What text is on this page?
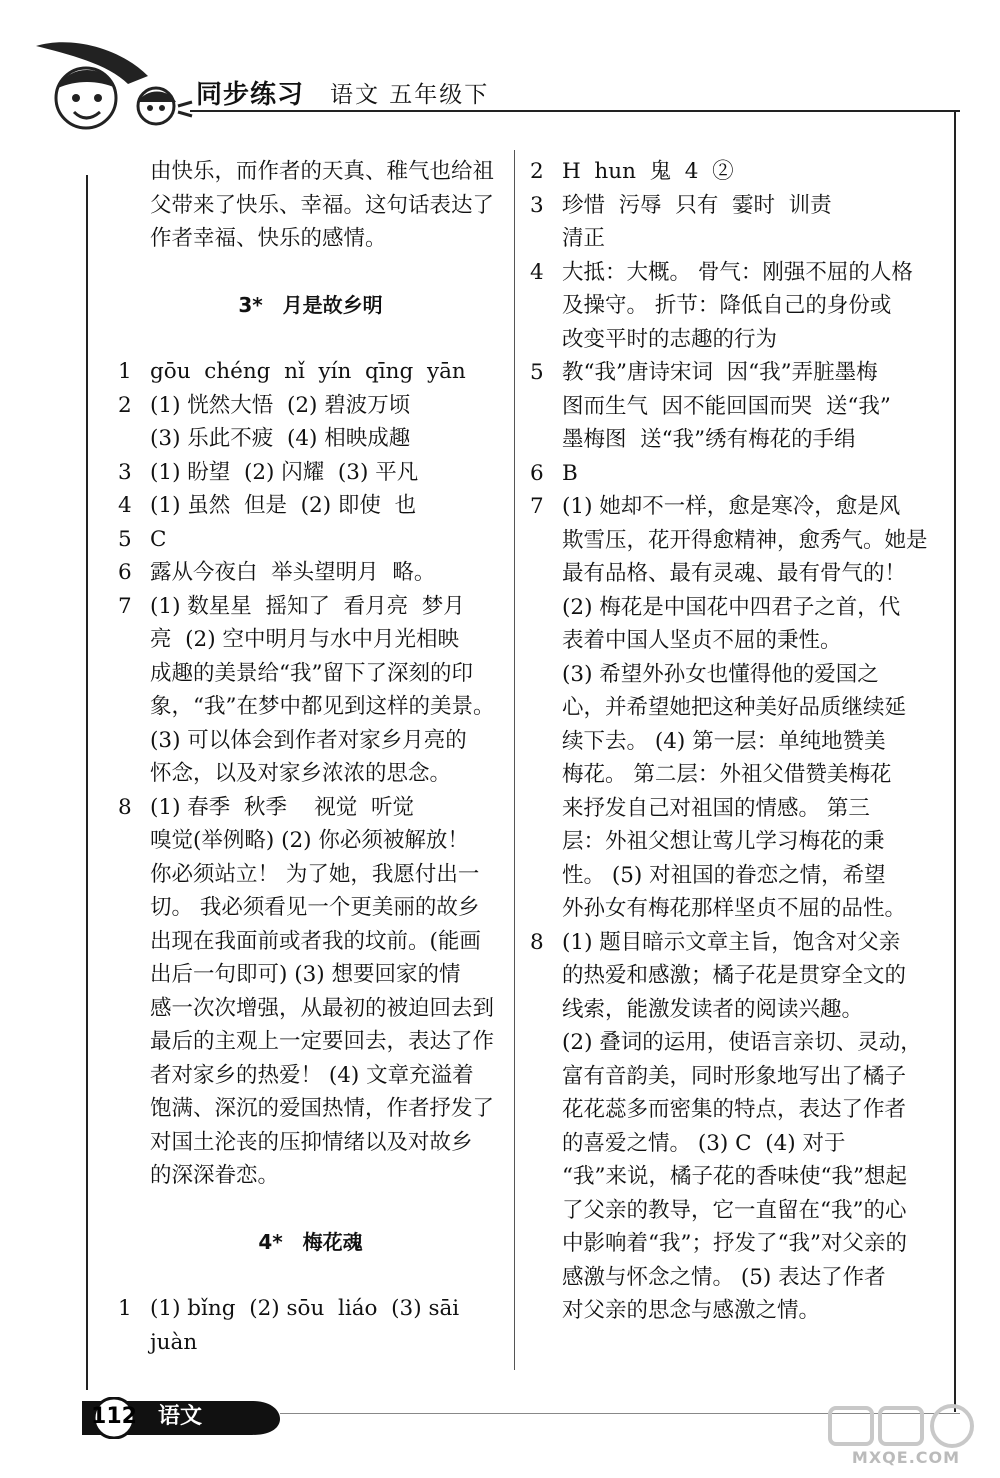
同步练习 语文 五年级下
由快乐，而作者的天真、稚气也给祖
父带来了快乐、幸福。这句话表达了
作者幸福、快乐的感情。
3*　月是故乡明
1 gōu  chéng  nǐ  yín  qīng  yān
2 (1) 恍然大悟  (2) 碧波万顷
(3) 乐此不疲  (4) 相映成趣
3 (1) 盼望  (2) 闪耀  (3) 平凡
4 (1) 虽然  但是  (2) 即使  也
5 C
6 露从今夜白  举头望明月  略。
7 (1) 数星星  摇知了  看月亮  梦月
亮  (2) 空中明月与水中月光相映
成趣的美景给“我”留下了深刻的印
象，“我”在梦中都见到这样的美景。
(3) 可以体会到作者对家乡月亮的
怀念，以及对家乡浓浓的思念。
8 (1) 春季  秋季    视觉  听觉
嗅觉(举例略) (2) 你必须被解放！
你必须站立！ 为了她，我愿付出一
切。 我必须看见一个更美丽的故乡
出现在我面前或者我的坟前。(能画
出后一句即可) (3) 想要回家的情
感一次次增强，从最初的被迫回去到
最后的主观上一定要回去，表达了作
者对家乡的热爱！ (4) 文章充溢着
饱满、深沉的爱国热情，作者抒发了
对国土沦丧的压抑情绪以及对故乡
的深深眷恋。
4*　梅花魂
1 (1) bǐng  (2) sōu  liáo  (3) sāi
juàn
2 H  hun  鬼  4  ②
3 珍惜  污辱  只有  霎时  训责
清正
4 大抵：大概。 骨气：刚强不屈的人格
及操守。 折节：降低自己的身份或
改变平时的志趣的行为
5 教“我”唐诗宋词  因“我”弄脏墨梅
图而生气  因不能回国而哭  送“我”
墨梅图  送“我”绣有梅花的手绢
6 B
7 (1) 她却不一样，愈是寒冷，愈是风
欺雪压，花开得愈精神，愈秀气。她是
最有品格、最有灵魂、最有骨气的！
(2) 梅花是中国花中四君子之首，代
表着中国人坚贞不屈的秉性。
(3) 希望外孙女也懂得他的爱国之
心，并希望她把这种美好品质继续延
续下去。 (4) 第一层：单纯地赞美
梅花。 第二层：外祖父借赞美梅花
来抒发自己对祖国的情感。 第三
层：外祖父想让莺儿学习梅花的秉
性。 (5) 对祖国的眷恋之情，希望
外孙女有梅花那样坚贞不屈的品性。
8 (1) 题目暗示文章主旨，饱含对父亲
的热爱和感激；橘子花是贯穿全文的
线索，能激发读者的阅读兴趣。
(2) 叠词的运用，使语言亲切、灵动，
富有音韵美，同时形象地写出了橘子
花花蕊多而密集的特点，表达了作者
的喜爱之情。 (3) C  (4) 对于
“我”来说，橘子花的香味使“我”想起
了父亲的教导，它一直留在“我”的心
中影响着“我”；抒发了“我”对父亲的
感激与怀念之情。 (5) 表达了作者
对父亲的思念与感激之情。
112 语文
MXQE.COM
